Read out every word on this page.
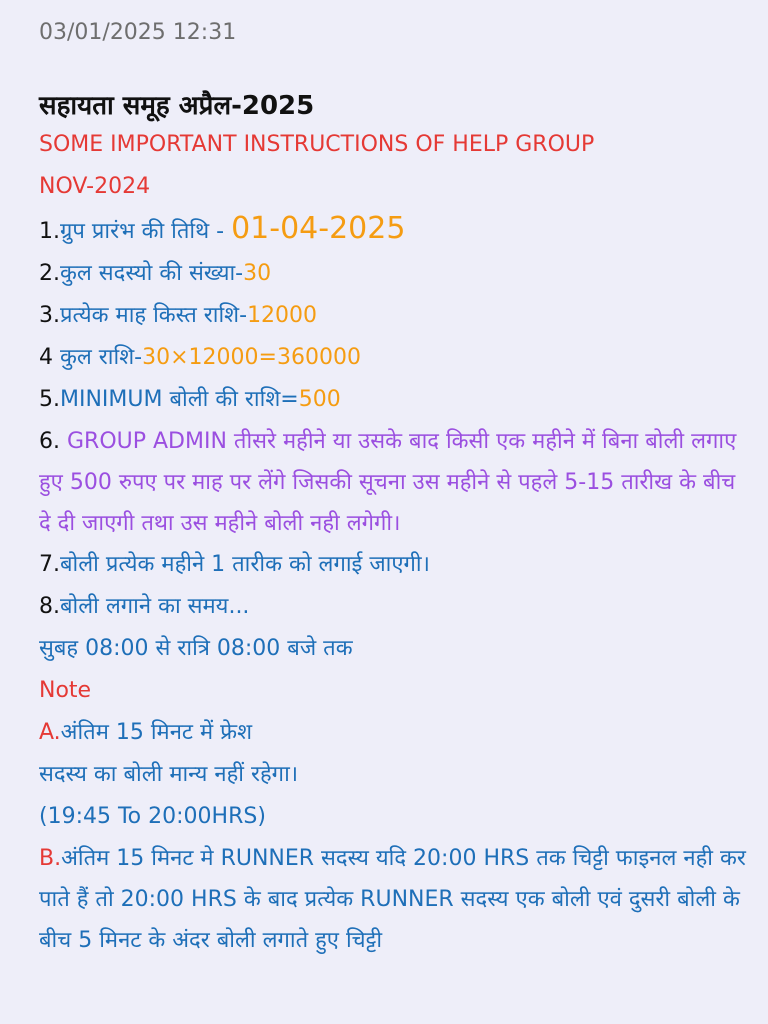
03/01/2025 12:31
सहायता समूह अप्रैल-2025
SOME IMPORTANT INSTRUCTIONS OF HELP GROUP
NOV-2024
1.ग्रुप प्रारंभ की तिथि - 01-04-2025
2.कुल सदस्यो की संख्या-30
3.प्रत्येक माह किस्त राशि-12000
4 कुल राशि-30×12000=360000
5.MINIMUM बोली की राशि=500
6. GROUP ADMIN तीसरे महीने या उसके बाद किसी एक महीने में बिना बोली लगाए हुए 500 रुपए पर माह पर लेंगे जिसकी सूचना उस महीने से पहले 5-15 तारीख के बीच दे दी जाएगी तथा उस महीने बोली नही लगेगी।
7.बोली प्रत्येक महीने 1 तारीक को लगाई जाएगी।
8.बोली लगाने का समय...
सुबह 08:00 से रात्रि 08:00 बजे तक
Note
A.अंतिम 15 मिनट में फ्रेश
सदस्य का बोली मान्य नहीं रहेगा।
(19:45 To 20:00HRS)
B.अंतिम 15 मिनट मे RUNNER सदस्य यदि 20:00 HRS तक चिट्टी फाइनल नही कर पाते हैं तो 20:00 HRS के बाद प्रत्येक RUNNER सदस्य एक बोली एवं दुसरी बोली के बीच 5 मिनट के अंदर बोली लगाते हुए चिट्टी
